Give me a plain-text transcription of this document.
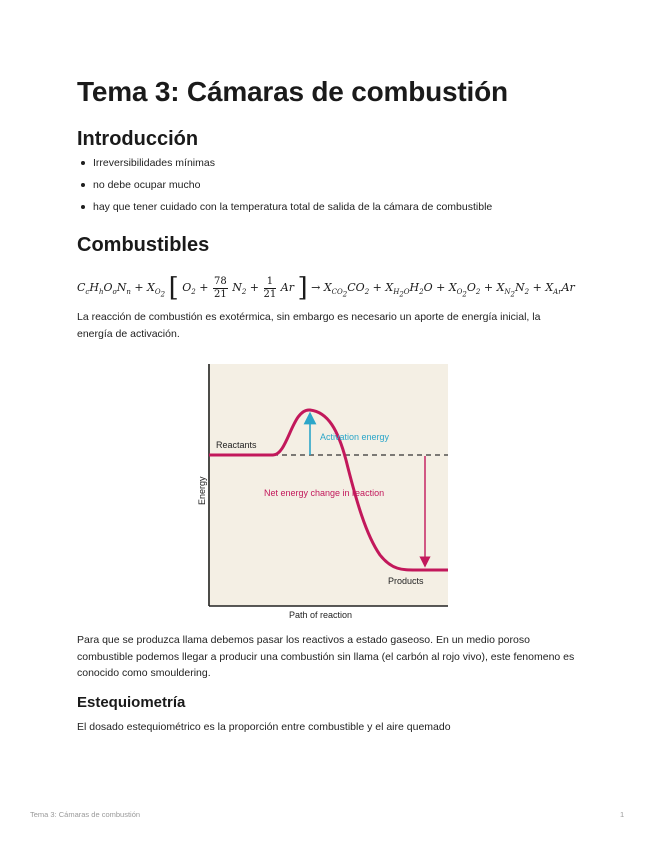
Tema 3: Cámaras de combustión
Introducción
Irreversibilidades mínimas
no debe ocupar mucho
hay que tener cuidado con la temperatura total de salida de la cámara de combustible
Combustibles
$C_cH_hO_oN_n + X_{O_2}$ [ $O_2 + \frac{78}{21} N_2 + \frac{1}{21}$ Ar ] → $X_{CO_2}CO_2 + X_{H_2O}H_2O + X_{O_2}O_2 + X_{N_2}N_2 + X_{Ar}Ar$

La reacción de combustión es exotérmica, sin embargo es necesario un aporte de energía inicial, la energía de activación.

Reactants
Activation energy
Net energy change in reaction
Products
Path of reaction
Energy

Para que se produzca llama debemos pasar los reactivos a estado gaseoso. En un medio poroso combustible podemos llegar a producir una combustión sin llama (el carbón al rojo vivo), este fenomeno es conocido como smouldering.

Estequiometría

El dosado estequiométrico es la proporción entre combustible y el aire quemado

Tema 3: Cámaras de combustión	1
